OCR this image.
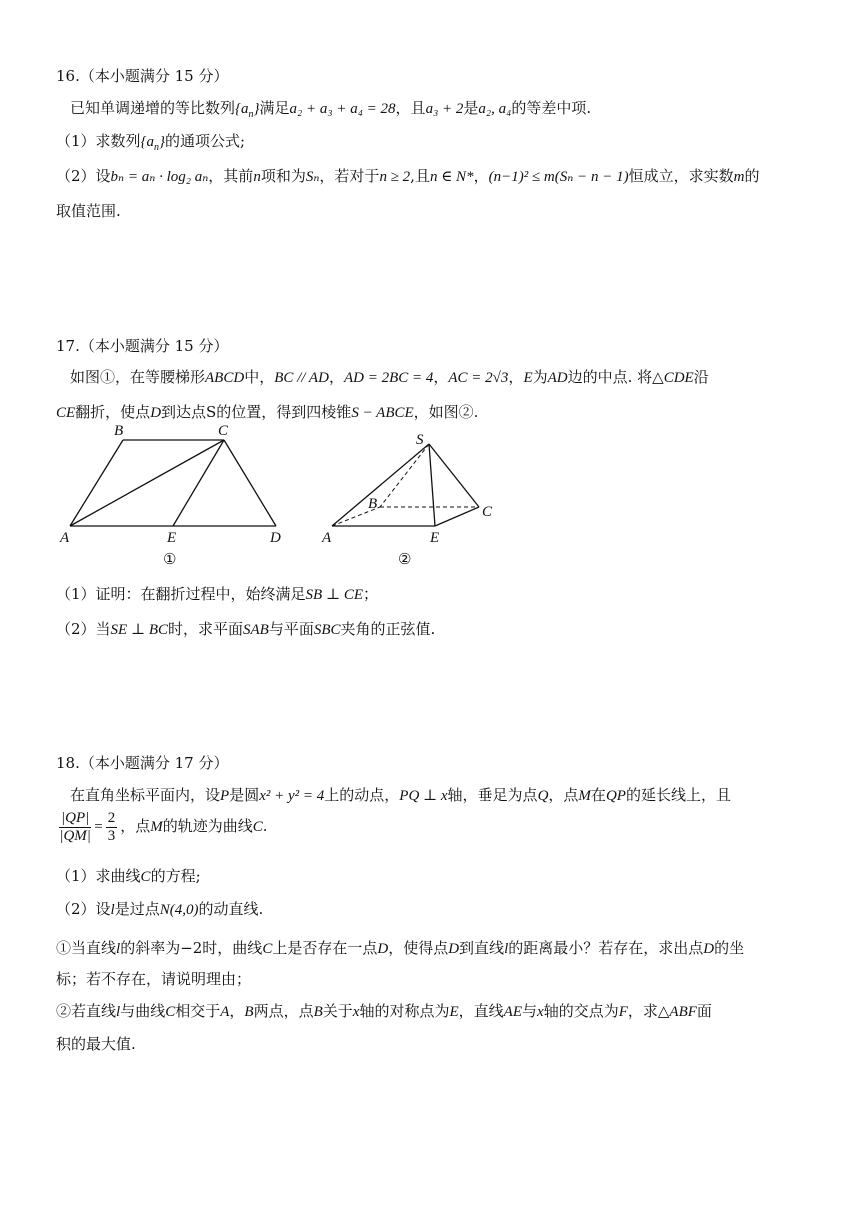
16.（本小题满分 15 分）
已知单调递增的等比数列$\{a_n\}$满足a₂ + a₃ + a₄ = 28，且a₃ + 2是a₂, a₄的等差中项.
（1）求数列$\{a_n\}$的通项公式;
（2）设bₙ = aₙ · log₂ aₙ，其前n项和为Sₙ，若对于n ≥ 2,且n ∈ N*，(n−1)² ≤ m(Sₙ − n − 1)恒成立，求实数m的
取值范围.
17.（本小题满分 15 分）
如图①，在等腰梯形ABCD中，BC // AD，AD = 2BC = 4，AC = 2√3，E为AD边的中点. 将△CDE沿
CE翻折，使点D到达点S的位置，得到四棱锥S − ABCE，如图②.
B	C
A	E	D
①
S
B	C
A	E
②
（1）证明：在翻折过程中，始终满足SB ⊥ CE；
（2）当SE ⊥ BC时，求平面SAB与平面SBC夹角的正弦值.
18.（本小题满分 17 分）
在直角坐标平面内，设P是圆x² + y² = 4上的动点，PQ ⊥ x轴，垂足为点Q，点M在QP的延长线上，且
$\frac{|QP|}{|QM|} = \frac{2}{3}$ ，点M的轨迹为曲线C.
（1）求曲线C的方程;
（2）设l是过点N(4,0)的动直线.
①当直线l的斜率为−2时，曲线C上是否存在一点D，使得点D到直线l的距离最小？若存在，求出点D的坐
标；若不存在，请说明理由；
②若直线l与曲线C相交于A，B两点，点B关于x轴的对称点为E，直线AE与x轴的交点为F，求△ABF面
积的最大值.
